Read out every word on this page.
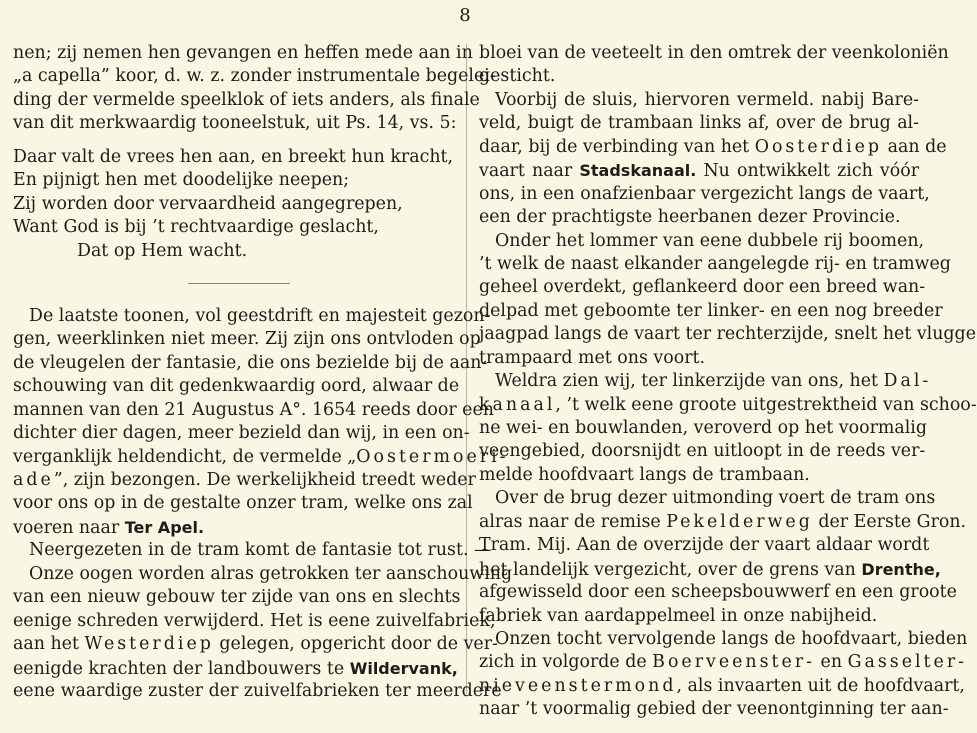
8
nen; zij nemen hen gevangen en heffen mede aan in
„a capella” koor, d. w. z. zonder instrumentale begelei-
ding der vermelde speelklok of iets anders, als finale
van dit merkwaardig tooneelstuk, uit Ps. 14, vs. 5:
Daar valt de vrees hen aan, en breekt hun kracht,
En pijnigt hen met doodelijke neepen;
Zij worden door vervaardheid aangegrepen,
Want God is bij ’t rechtvaardige geslacht,
Dat op Hem wacht.
De laatste toonen, vol geestdrift en majesteit gezon-
gen, weerklinken niet meer. Zij zijn ons ontvloden op
de vleugelen der fantasie, die ons bezielde bij de aan-
schouwing van dit gedenkwaardig oord, alwaar de
mannen van den 21 Augustus A°. 1654 reeds door een
dichter dier dagen, meer bezield dan wij, in een on-
verganklijk heldendicht, de vermelde „Oostermoeri-
ade”, zijn bezongen. De werkelijkheid treedt weder
voor ons op in de gestalte onzer tram, welke ons zal
voeren naar Ter Apel.
Neergezeten in de tram komt de fantasie tot rust. —
Onze oogen worden alras getrokken ter aanschouwing
van een nieuw gebouw ter zijde van ons en slechts
eenige schreden verwijderd. Het is eene zuivelfabriek,
aan het Westerdiep gelegen, opgericht door de ver-
eenigde krachten der landbouwers te Wildervank,
eene waardige zuster der zuivelfabrieken ter meerdere
bloei van de veeteelt in den omtrek der veenkoloniën
gesticht.
Voorbij de sluis, hiervoren vermeld. nabij Bare-
veld, buigt de trambaan links af, over de brug al-
daar, bij de verbinding van het Oosterdiep aan de
vaart naar Stadskanaal. Nu ontwikkelt zich vóór
ons, in een onafzienbaar vergezicht langs de vaart,
een der prachtigste heerbanen dezer Provincie.
Onder het lommer van eene dubbele rij boomen,
’t welk de naast elkander aangelegde rij- en tramweg
geheel overdekt, geflankeerd door een breed wan-
delpad met geboomte ter linker- en een nog breeder
jaagpad langs de vaart ter rechterzijde, snelt het vlugge
trampaard met ons voort.
Weldra zien wij, ter linkerzijde van ons, het Dal-
kanaal, ’t welk eene groote uitgestrektheid van schoo-
ne wei- en bouwlanden, veroverd op het voormalig
veengebied, doorsnijdt en uitloopt in de reeds ver-
melde hoofdvaart langs de trambaan.
Over de brug dezer uitmonding voert de tram ons
alras naar de remise Pekelderweg der Eerste Gron.
Tram. Mij. Aan de overzijde der vaart aldaar wordt
het landelijk vergezicht, over de grens van Drenthe,
afgewisseld door een scheepsbouwwerf en een groote
fabriek van aardappelmeel in onze nabijheid.
Onzen tocht vervolgende langs de hoofdvaart, bieden
zich in volgorde de Boerveenster- en Gasselter-
nieveenstermond, als invaarten uit de hoofdvaart,
naar ’t voormalig gebied der veenontginning ter aan-
